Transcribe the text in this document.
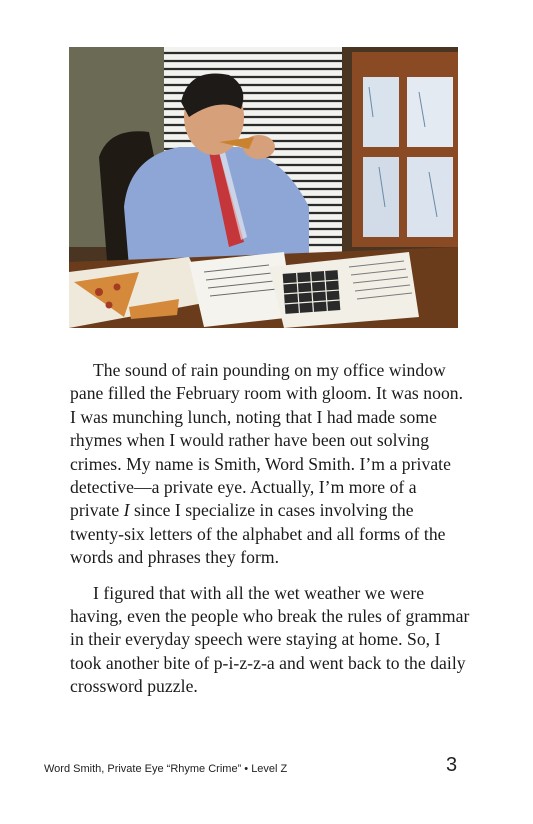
The sound of rain pounding on my office window pane filled the February room with gloom. It was noon. I was munching lunch, noting that I had made some rhymes when I would rather have been out solving crimes. My name is Smith, Word Smith. I’m a private detective—a private eye. Actually, I’m more of a private I since I specialize in cases involving the twenty-six letters of the alphabet and all forms of the words and phrases they form.

I figured that with all the wet weather we were having, even the people who break the rules of grammar in their everyday speech were staying at home. So, I took another bite of p-i-z-z-a and went back to the daily crossword puzzle.

Word Smith, Private Eye “Rhyme Crime” • Level Z	3
